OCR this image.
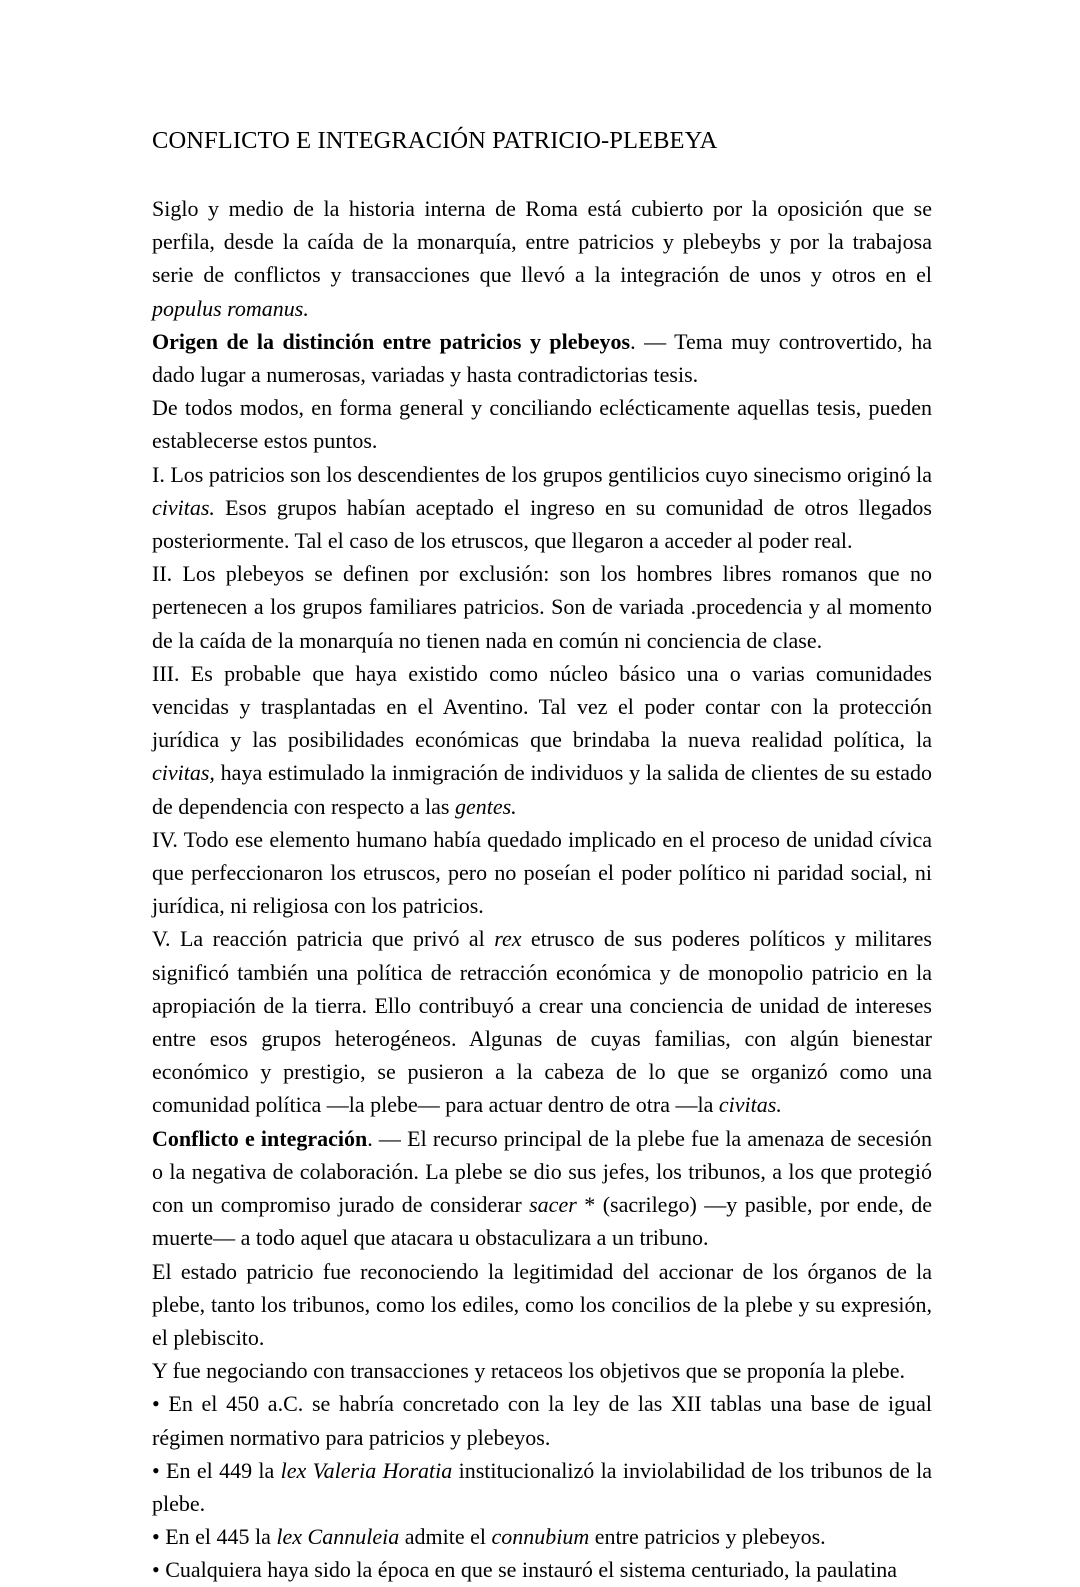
CONFLICTO E INTEGRACIÓN PATRICIO-PLEBEYA

Siglo y medio de la historia interna de Roma está cubierto por la oposición que se perfila, desde la caída de la monarquía, entre patricios y plebeybs y por la trabajosa serie de conflictos y transacciones que llevó a la integración de unos y otros en el populus romanus.

Origen de la distinción entre patricios y plebeyos. — Tema muy controvertido, ha dado lugar a numerosas, variadas y hasta contradictorias tesis.

De todos modos, en forma general y conciliando eclécticamente aquellas tesis, pueden establecerse estos puntos.

I. Los patricios son los descendientes de los grupos gentilicios cuyo sinecismo originó la civitas. Esos grupos habían aceptado el ingreso en su comunidad de otros llegados posteriormente. Tal el caso de los etruscos, que llegaron a acceder al poder real.

II. Los plebeyos se definen por exclusión: son los hombres libres romanos que no pertenecen a los grupos familiares patricios. Son de variada .procedencia y al momento de la caída de la monarquía no tienen nada en común ni conciencia de clase.

III. Es probable que haya existido como núcleo básico una o varias comunidades vencidas y trasplantadas en el Aventino. Tal vez el poder contar con la protección jurídica y las posibilidades económicas que brindaba la nueva realidad política, la civitas, haya estimulado la inmigración de individuos y la salida de clientes de su estado de dependencia con respecto a las gentes.

IV. Todo ese elemento humano había quedado implicado en el proceso de unidad cívica que perfeccionaron los etruscos, pero no poseían el poder político ni paridad social, ni jurídica, ni religiosa con los patricios.

V. La reacción patricia que privó al rex etrusco de sus poderes políticos y militares significó también una política de retracción económica y de monopolio patricio en la apropiación de la tierra. Ello contribuyó a crear una conciencia de unidad de intereses entre esos grupos heterogéneos. Algunas de cuyas familias, con algún bienestar económico y prestigio, se pusieron a la cabeza de lo que se organizó como una comunidad política —la plebe— para actuar dentro de otra —la civitas.

Conflicto e integración. — El recurso principal de la plebe fue la amenaza de secesión o la negativa de colaboración. La plebe se dio sus jefes, los tribunos, a los que protegió con un compromiso jurado de considerar sacer * (sacrilego) —y pasible, por ende, de muerte— a todo aquel que atacara u obstaculizara a un tribuno.

El estado patricio fue reconociendo la legitimidad del accionar de los órganos de la plebe, tanto los tribunos, como los ediles, como los concilios de la plebe y su expresión, el plebiscito.

Y fue negociando con transacciones y retaceos los objetivos que se proponía la plebe.

• En el 450 a.C. se habría concretado con la ley de las XII tablas una base de igual régimen normativo para patricios y plebeyos.

• En el 449 la lex Valeria Horatia institucionalizó la inviolabilidad de los tribunos de la plebe.

• En el 445 la lex Cannuleia admite el connubium entre patricios y plebeyos.

• Cualquiera haya sido la época en que se instauró el sistema centuriado, la paulatina
